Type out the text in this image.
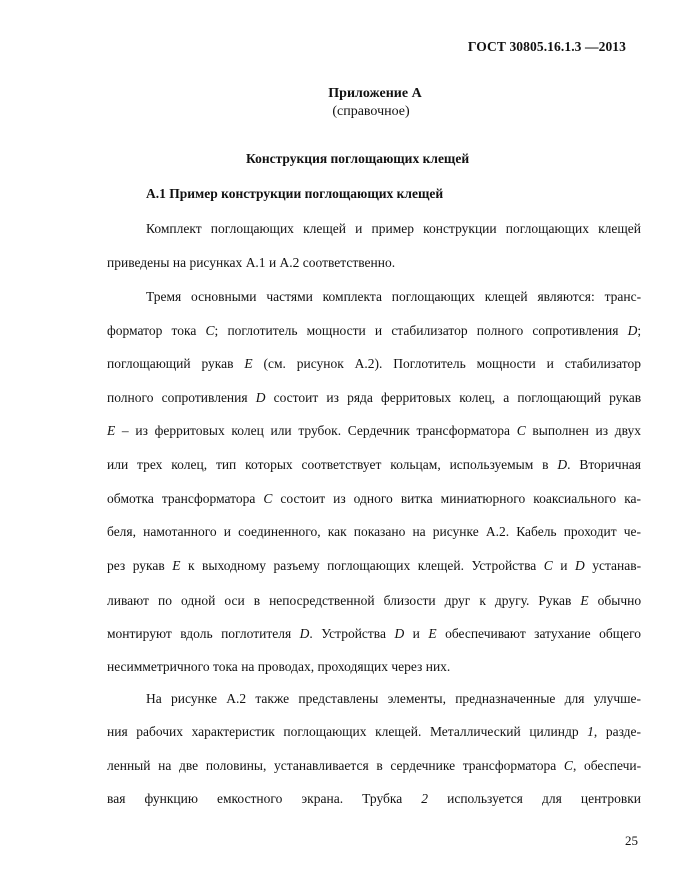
ГОСТ 30805.16.1.3 —2013
Приложение А
(справочное)
Конструкция поглощающих клещей
А.1 Пример конструкции поглощающих клещей
Комплект поглощающих клещей и пример конструкции поглощающих клещей
приведены на рисунках А.1 и А.2 соответственно.
Тремя основными частями комплекта поглощающих клещей являются: транс-
форматор тока С; поглотитель мощности и стабилизатор полного сопротивления D;
поглощающий рукав Е (см. рисунок А.2). Поглотитель мощности и стабилизатор
полного сопротивления D состоит из ряда ферритовых колец, а поглощающий рукав
Е – из ферритовых колец или трубок. Сердечник трансформатора С выполнен из двух
или трех колец, тип которых соответствует кольцам, используемым в D. Вторичная
обмотка трансформатора С состоит из одного витка миниатюрного коаксиального ка-
беля, намотанного и соединенного, как показано на рисунке А.2. Кабель проходит че-
рез рукав Е к выходному разъему поглощающих клещей. Устройства С и D устанав-
ливают по одной оси в непосредственной близости друг к другу. Рукав Е обычно
монтируют вдоль поглотителя D. Устройства D и Е обеспечивают затухание общего
несимметричного тока на проводах, проходящих через них.
На рисунке А.2 также представлены элементы, предназначенные для улучше-
ния рабочих характеристик поглощающих клещей. Металлический цилиндр 1, разде-
ленный на две половины, устанавливается в сердечнике трансформатора С, обеспечи-
вая функцию емкостного экрана. Трубка 2 используется для центровки
25
